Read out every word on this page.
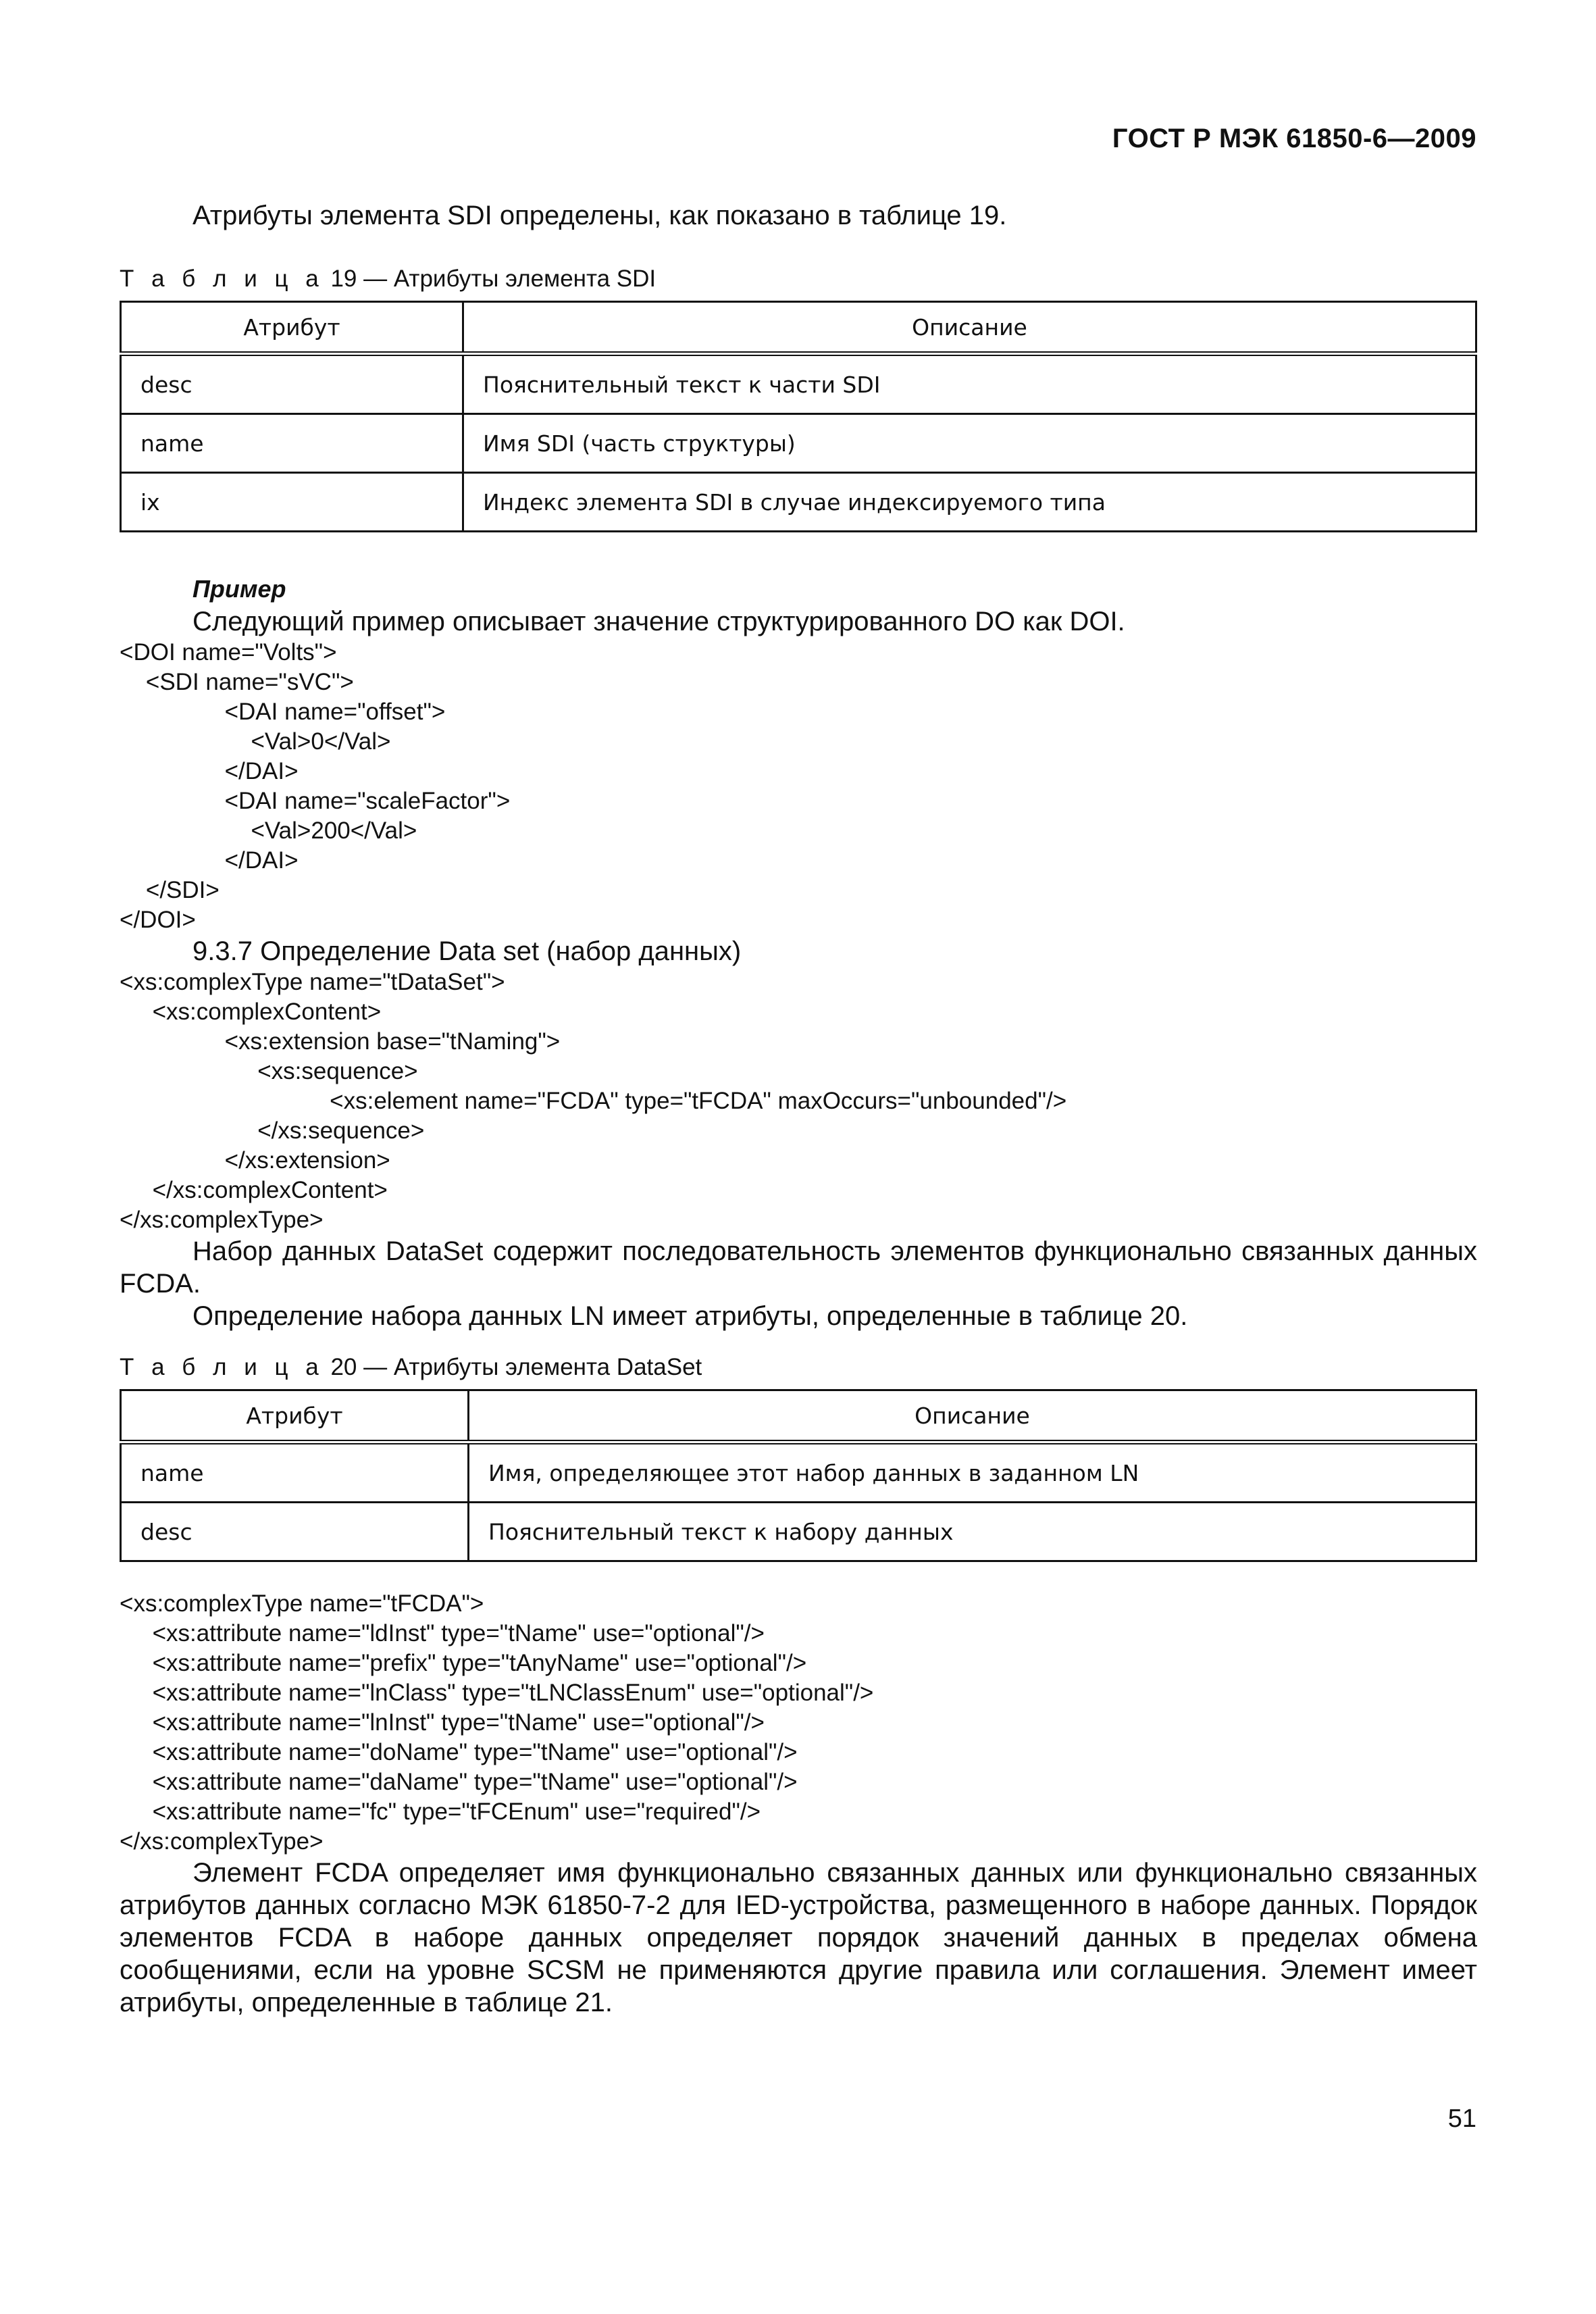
ГОСТ Р МЭК 61850-6—2009
Атрибуты элемента SDI определены, как показано в таблице 19.
Т а б л и ц а 19 — Атрибуты элемента SDI
Атрибут	Описание
desc	Пояснительный текст к части SDI
name	Имя SDI (часть структуры)
ix	Индекс элемента SDI в случае индексируемого типа
Пример
Следующий пример описывает значение структурированного DO как DOI.
<DOI name="Volts">
<SDI name="sVC">
<DAI name="offset">
<Val>0</Val>
</DAI>
<DAI name="scaleFactor">
<Val>200</Val>
</DAI>
</SDI>
</DOI>
9.3.7 Определение Data set (набор данных)
<xs:complexType name="tDataSet">
<xs:complexContent>
<xs:extension base="tNaming">
<xs:sequence>
<xs:element name="FCDA" type="tFCDA" maxOccurs="unbounded"/>
</xs:sequence>
</xs:extension>
</xs:complexContent>
</xs:complexType>
Набор данных DataSet содержит последовательность элементов функционально связанных данных FCDA.
Определение набора данных LN имеет атрибуты, определенные в таблице 20.
Т а б л и ц а 20 — Атрибуты элемента DataSet
Атрибут	Описание
name	Имя, определяющее этот набор данных в заданном LN
desc	Пояснительный текст к набору данных
<xs:complexType name="tFCDA">
<xs:attribute name="ldInst" type="tName" use="optional"/>
<xs:attribute name="prefix" type="tAnyName" use="optional"/>
<xs:attribute name="lnClass" type="tLNClassEnum" use="optional"/>
<xs:attribute name="lnInst" type="tName" use="optional"/>
<xs:attribute name="doName" type="tName" use="optional"/>
<xs:attribute name="daName" type="tName" use="optional"/>
<xs:attribute name="fc" type="tFCEnum" use="required"/>
</xs:complexType>
Элемент FCDA определяет имя функционально связанных данных или функционально связанных атрибутов данных согласно МЭК 61850-7-2 для IED-устройства, размещенного в наборе данных. Порядок элементов FCDA в наборе данных определяет порядок значений данных в пределах обмена сообщениями, если на уровне SCSM не применяются другие правила или соглашения. Элемент имеет атрибуты, определенные в таблице 21.
51
